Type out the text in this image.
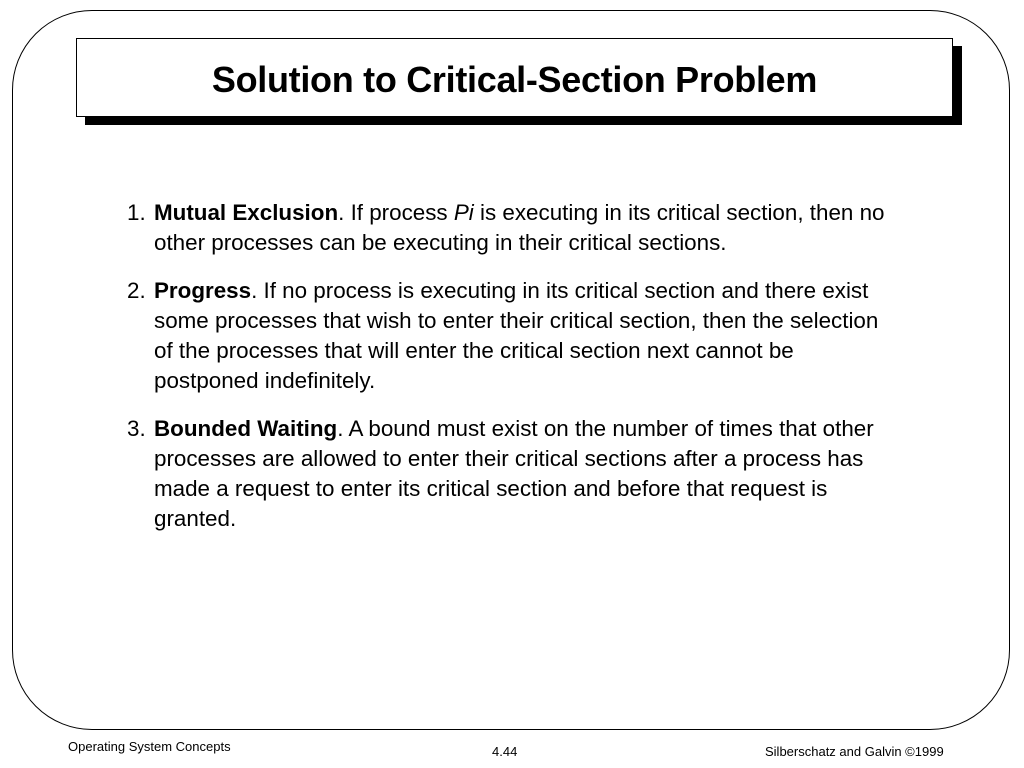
Solution to Critical-Section Problem
1. Mutual Exclusion. If process Pi is executing in its critical section, then no other processes can be executing in their critical sections.
2. Progress. If no process is executing in its critical section and there exist some processes that wish to enter their critical section, then the selection of the processes that will enter the critical section next cannot be postponed indefinitely.
3. Bounded Waiting. A bound must exist on the number of times that other processes are allowed to enter their critical sections after a process has made a request to enter its critical section and before that request is granted.
Operating System Concepts	4.44	Silberschatz and Galvin ©1999
